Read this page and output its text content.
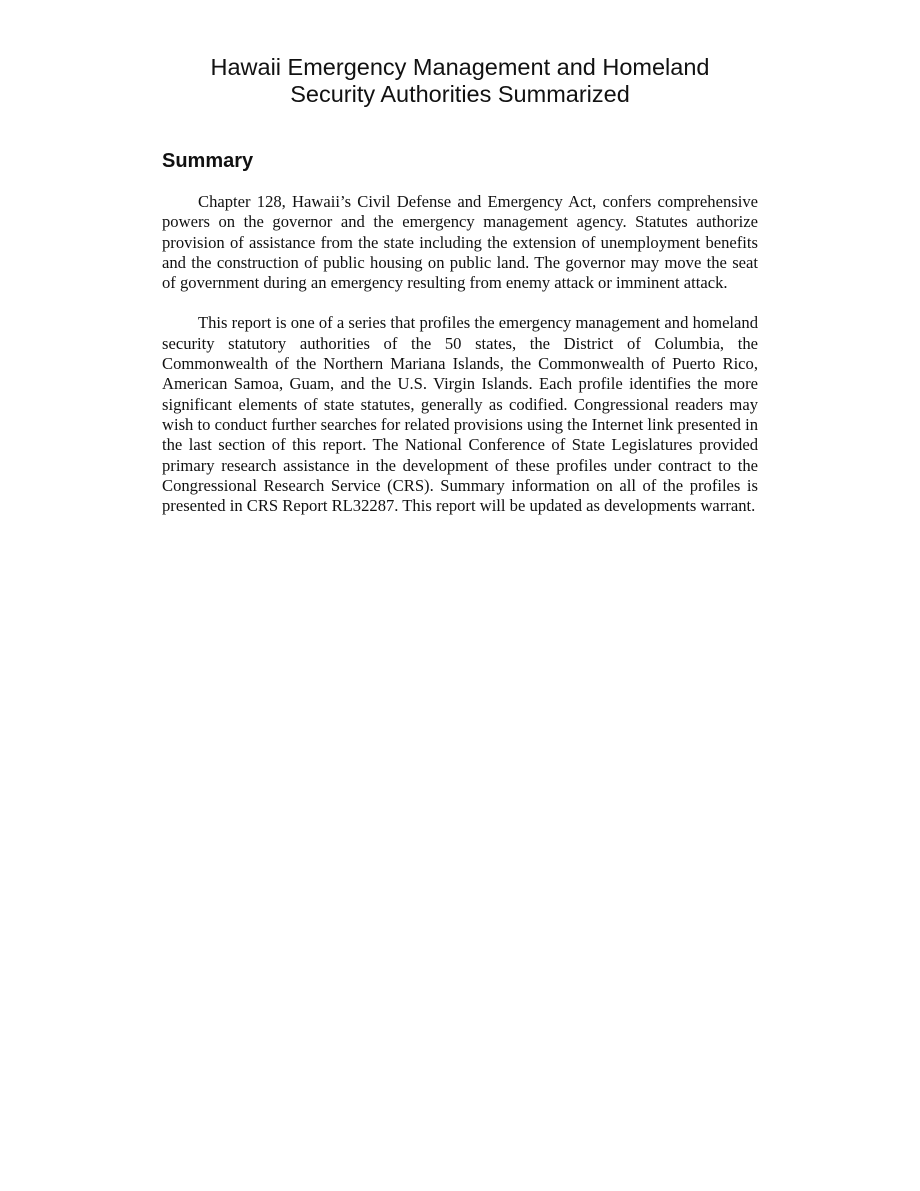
Hawaii Emergency Management and Homeland
Security Authorities Summarized
Summary

Chapter 128, Hawaii’s Civil Defense and Emergency Act, confers comprehensive powers on the governor and the emergency management agency. Statutes authorize provision of assistance from the state including the extension of unemployment benefits and the construction of public housing on public land. The governor may move the seat of government during an emergency resulting from enemy attack or imminent attack.

This report is one of a series that profiles the emergency management and homeland security statutory authorities of the 50 states, the District of Columbia, the Commonwealth of the Northern Mariana Islands, the Commonwealth of Puerto Rico, American Samoa, Guam, and the U.S. Virgin Islands. Each profile identifies the more significant elements of state statutes, generally as codified. Congressional readers may wish to conduct further searches for related provisions using the Internet link presented in the last section of this report. The National Conference of State Legislatures provided primary research assistance in the development of these profiles under contract to the Congressional Research Service (CRS). Summary information on all of the profiles is presented in CRS Report RL32287. This report will be updated as developments warrant.
